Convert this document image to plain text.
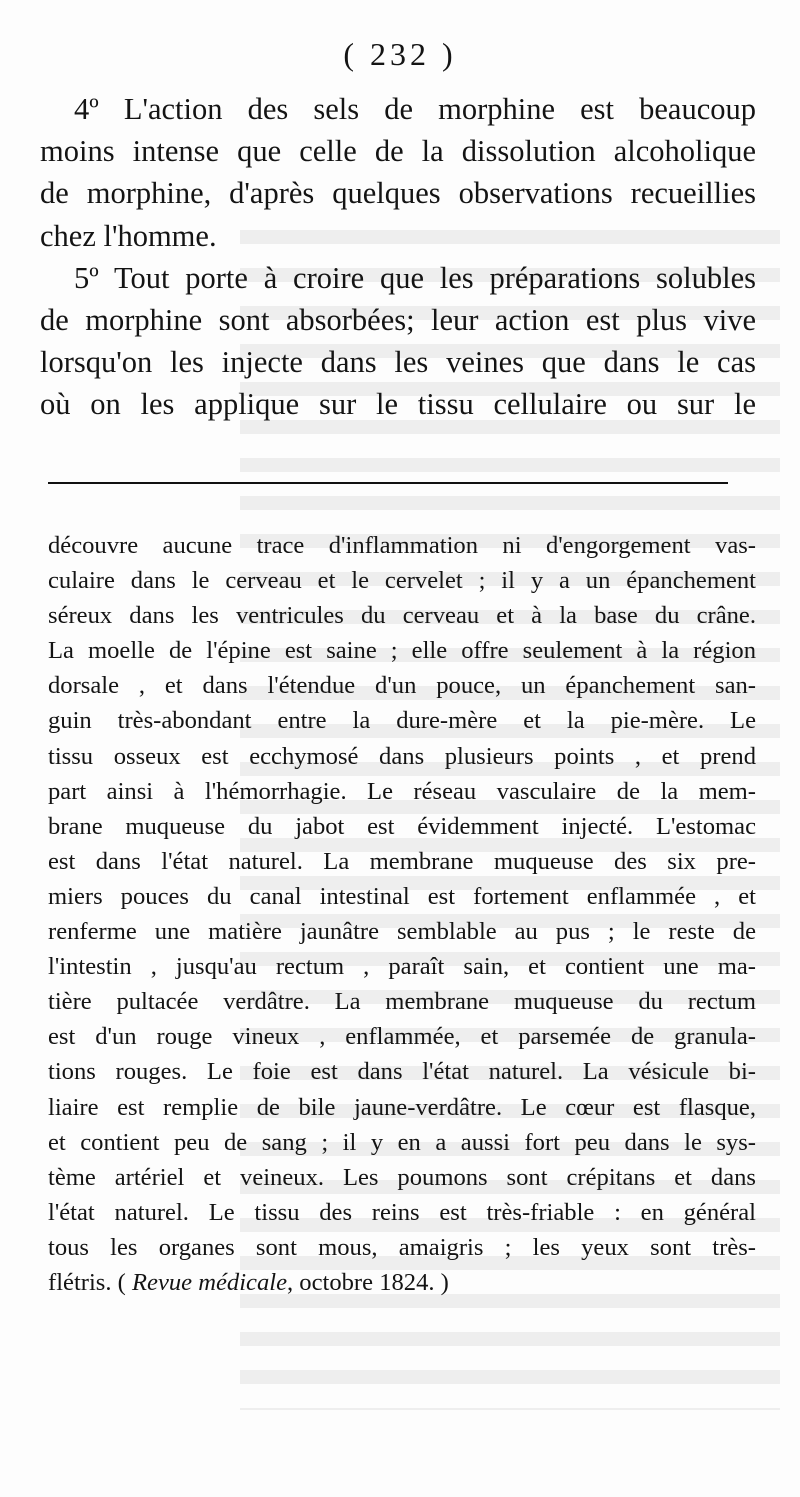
( 232 )
4º L'action des sels de morphine est beaucoup
moins intense que celle de la dissolution alcoholique
de morphine, d'après quelques observations recueillies
chez l'homme.
5º Tout porte à croire que les préparations solubles
de morphine sont absorbées; leur action est plus vive
lorsqu'on les injecte dans les veines que dans le cas
où on les applique sur le tissu cellulaire ou sur le
découvre aucune trace d'inflammation ni d'engorgement vas-
culaire dans le cerveau et le cervelet ; il y a un épanchement
séreux dans les ventricules du cerveau et à la base du crâne.
La moelle de l'épine est saine ; elle offre seulement à la région
dorsale , et dans l'étendue d'un pouce, un épanchement san-
guin très-abondant entre la dure-mère et la pie-mère. Le
tissu osseux est ecchymosé dans plusieurs points , et prend
part ainsi à l'hémorrhagie. Le réseau vasculaire de la mem-
brane muqueuse du jabot est évidemment injecté. L'estomac
est dans l'état naturel. La membrane muqueuse des six pre-
miers pouces du canal intestinal est fortement enflammée , et
renferme une matière jaunâtre semblable au pus ; le reste de
l'intestin , jusqu'au rectum , paraît sain, et contient une ma-
tière pultacée verdâtre. La membrane muqueuse du rectum
est d'un rouge vineux , enflammée, et parsemée de granula-
tions rouges. Le foie est dans l'état naturel. La vésicule bi-
liaire est remplie de bile jaune-verdâtre. Le cœur est flasque,
et contient peu de sang ; il y en a aussi fort peu dans le sys-
tème artériel et veineux. Les poumons sont crépitans et dans
l'état naturel. Le tissu des reins est très-friable : en général
tous les organes sont mous, amaigris ; les yeux sont très-
flétris. ( Revue médicale, octobre 1824. )
